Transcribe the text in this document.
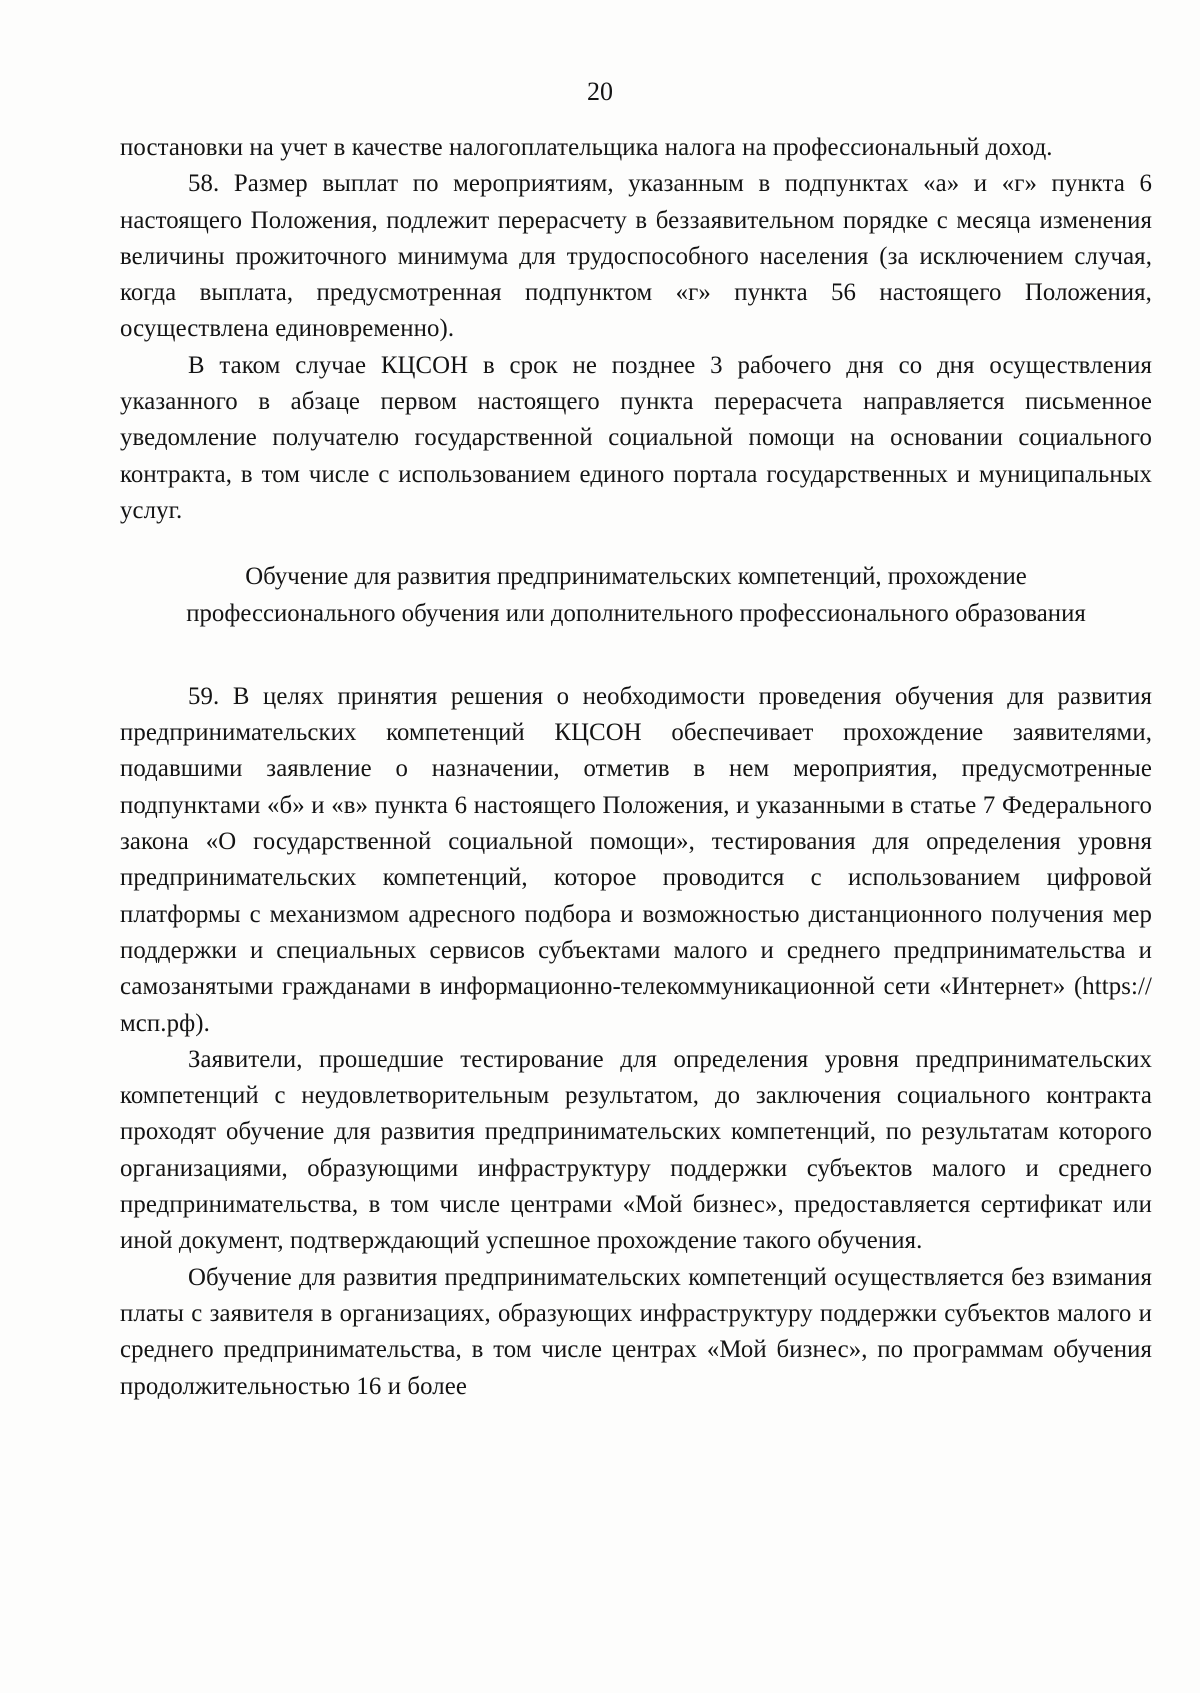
20

постановки на учет в качестве налогоплательщика налога на профессиональный доход.

58. Размер выплат по мероприятиям, указанным в подпунктах «а» и «г» пункта 6 настоящего Положения, подлежит перерасчету в беззаявительном порядке с месяца изменения величины прожиточного минимума для трудоспособного населения (за исключением случая, когда выплата, предусмотренная подпунктом «г» пункта 56 настоящего Положения, осуществлена единовременно).

В таком случае КЦСОН в срок не позднее 3 рабочего дня со дня осуществления указанного в абзаце первом настоящего пункта перерасчета направляется письменное уведомление получателю государственной социальной помощи на основании социального контракта, в том числе с использованием единого портала государственных и муниципальных услуг.

Обучение для развития предпринимательских компетенций, прохождение
профессионального обучения или дополнительного профессионального образования

59. В целях принятия решения о необходимости проведения обучения для развития предпринимательских компетенций КЦСОН обеспечивает прохождение заявителями, подавшими заявление о назначении, отметив в нем мероприятия, предусмотренные подпунктами «б» и «в» пункта 6 настоящего Положения, и указанными в статье 7 Федерального закона «О государственной социальной помощи», тестирования для определения уровня предпринимательских компетенций, которое проводится с использованием цифровой платформы с механизмом адресного подбора и возможностью дистанционного получения мер поддержки и специальных сервисов субъектами малого и среднего предпринимательства и самозанятыми гражданами в информационно-телекоммуникационной сети «Интернет» (https://мсп.рф).

Заявители, прошедшие тестирование для определения уровня предпринимательских компетенций с неудовлетворительным результатом, до заключения социального контракта проходят обучение для развития предпринимательских компетенций, по результатам которого организациями, образующими инфраструктуру поддержки субъектов малого и среднего предпринимательства, в том числе центрами «Мой бизнес», предоставляется сертификат или иной документ, подтверждающий успешное прохождение такого обучения.

Обучение для развития предпринимательских компетенций осуществляется без взимания платы с заявителя в организациях, образующих инфраструктуру поддержки субъектов малого и среднего предпринимательства, в том числе центрах «Мой бизнес», по программам обучения продолжительностью 16 и более
